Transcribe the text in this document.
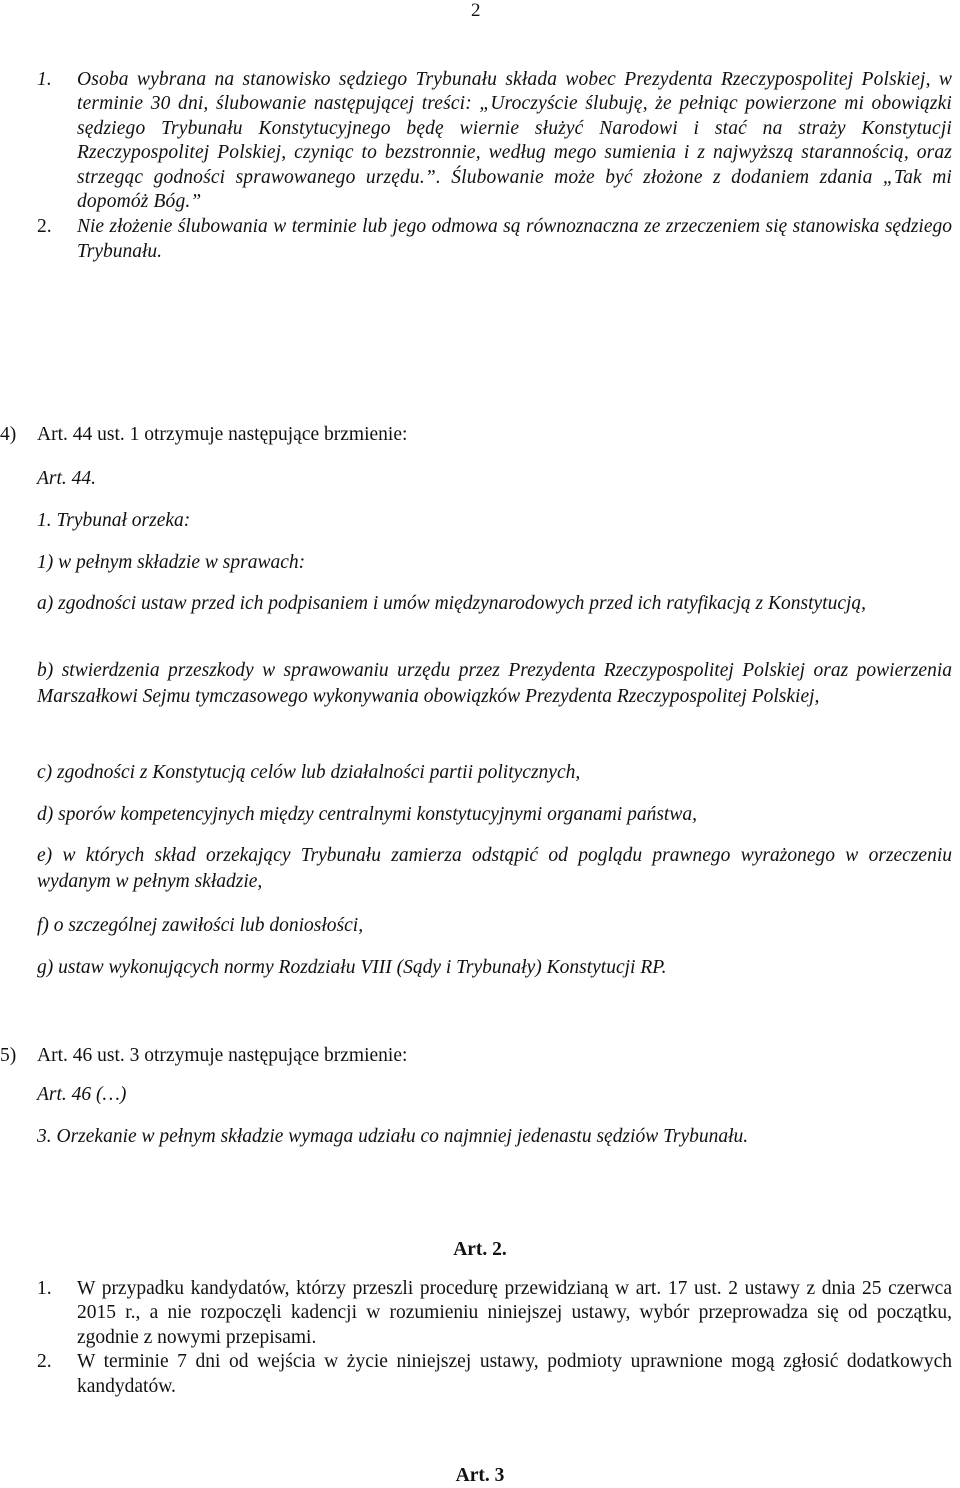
2
1. Osoba wybrana na stanowisko sędziego Trybunału składa wobec Prezydenta Rzeczypospolitej Polskiej, w terminie 30 dni, ślubowanie następującej treści: „Uroczyście ślubuję, że pełniąc powierzone mi obowiązki sędziego Trybunału Konstytucyjnego będę wiernie służyć Narodowi i stać na straży Konstytucji Rzeczypospolitej Polskiej, czyniąc to bezstronnie, według mego sumienia i z najwyższą starannością, oraz strzegąc godności sprawowanego urzędu.”. Ślubowanie może być złożone z dodaniem zdania „Tak mi dopomóż Bóg.”
2. Nie złożenie ślubowania w terminie lub jego odmowa są równoznaczna ze zrzeczeniem się stanowiska sędziego Trybunału.
4) Art. 44 ust. 1 otrzymuje następujące brzmienie:
Art. 44.
1. Trybunał orzeka:
1) w pełnym składzie w sprawach:
a) zgodności ustaw przed ich podpisaniem i umów międzynarodowych przed ich ratyfikacją z Konstytucją,
b) stwierdzenia przeszkody w sprawowaniu urzędu przez Prezydenta Rzeczypospolitej Polskiej oraz powierzenia Marszałkowi Sejmu tymczasowego wykonywania obowiązków Prezydenta Rzeczypospolitej Polskiej,
c) zgodności z Konstytucją celów lub działalności partii politycznych,
d) sporów kompetencyjnych między centralnymi konstytucyjnymi organami państwa,
e) w których skład orzekający Trybunału zamierza odstąpić od poglądu prawnego wyrażonego w orzeczeniu wydanym w pełnym składzie,
f) o szczególnej zawiłości lub doniosłości,
g) ustaw wykonujących normy Rozdziału VIII (Sądy i Trybunały) Konstytucji RP.
5) Art. 46 ust. 3 otrzymuje następujące brzmienie:
Art. 46 (…)
3. Orzekanie w pełnym składzie wymaga udziału co najmniej jedenastu sędziów Trybunału.
Art. 2.
1. W przypadku kandydatów, którzy przeszli procedurę przewidzianą w art. 17 ust. 2 ustawy z dnia 25 czerwca 2015 r., a nie rozpoczęli kadencji w rozumieniu niniejszej ustawy, wybór przeprowadza się od początku, zgodnie z nowymi przepisami.
2. W terminie 7 dni od wejścia w życie niniejszej ustawy, podmioty uprawnione mogą zgłosić dodatkowych kandydatów.
Art. 3
